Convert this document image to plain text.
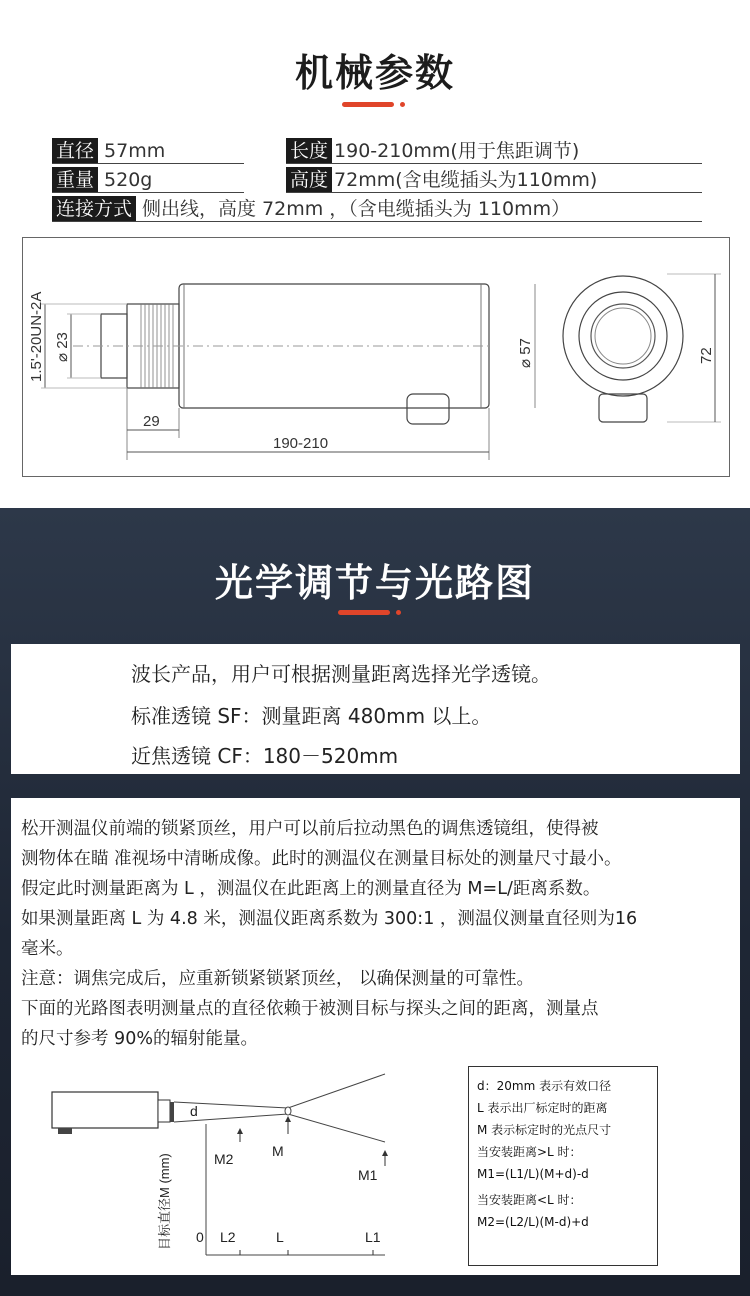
机械参数
直径 57mm	长度 190-210mm(用于焦距调节)
重量 520g	高度 72mm(含电缆插头为110mm)
连接方式 侧出线，高度 72mm ，（含电缆插头为 110mm）
1.5'-20UN-2A ⌀ 23	⌀ 57
29
190-210
72
光学调节与光路图

波长产品，用户可根据测量距离选择光学透镜。

标准透镜 SF：测量距离 480mm 以上。

近焦透镜 CF：180－520mm

松开测温仪前端的锁紧顶丝，用户可以前后拉动黑色的调焦透镜组，使得被

测物体在瞄 准视场中清晰成像。此时的测温仪在测量目标处的测量尺寸最小。

假定此时测量距离为 L ，测温仪在此距离上的测量直径为 M=L/距离系数。

如果测量距离 L 为 4.8 米，测温仪距离系数为 300:1 ，测温仪测量直径则为16

毫米。

注意：调焦完成后，应重新锁紧锁紧顶丝， 以确保测量的可靠性。

下面的光路图表明测量点的直径依赖于被测目标与探头之间的距离，测量点

的尺寸参考 90%的辐射能量。

d
M
M2
M1
目标直径M (mm) 0 L2	L	L1
d：20mm 表示有效口径
L 表示出厂标定时的距离
M 表示标定时的光点尺寸
当安装距离>L 时：
M1=(L1/L)(M+d)-d
当安装距离<L 时：
M2=(L2/L)(M-d)+d
